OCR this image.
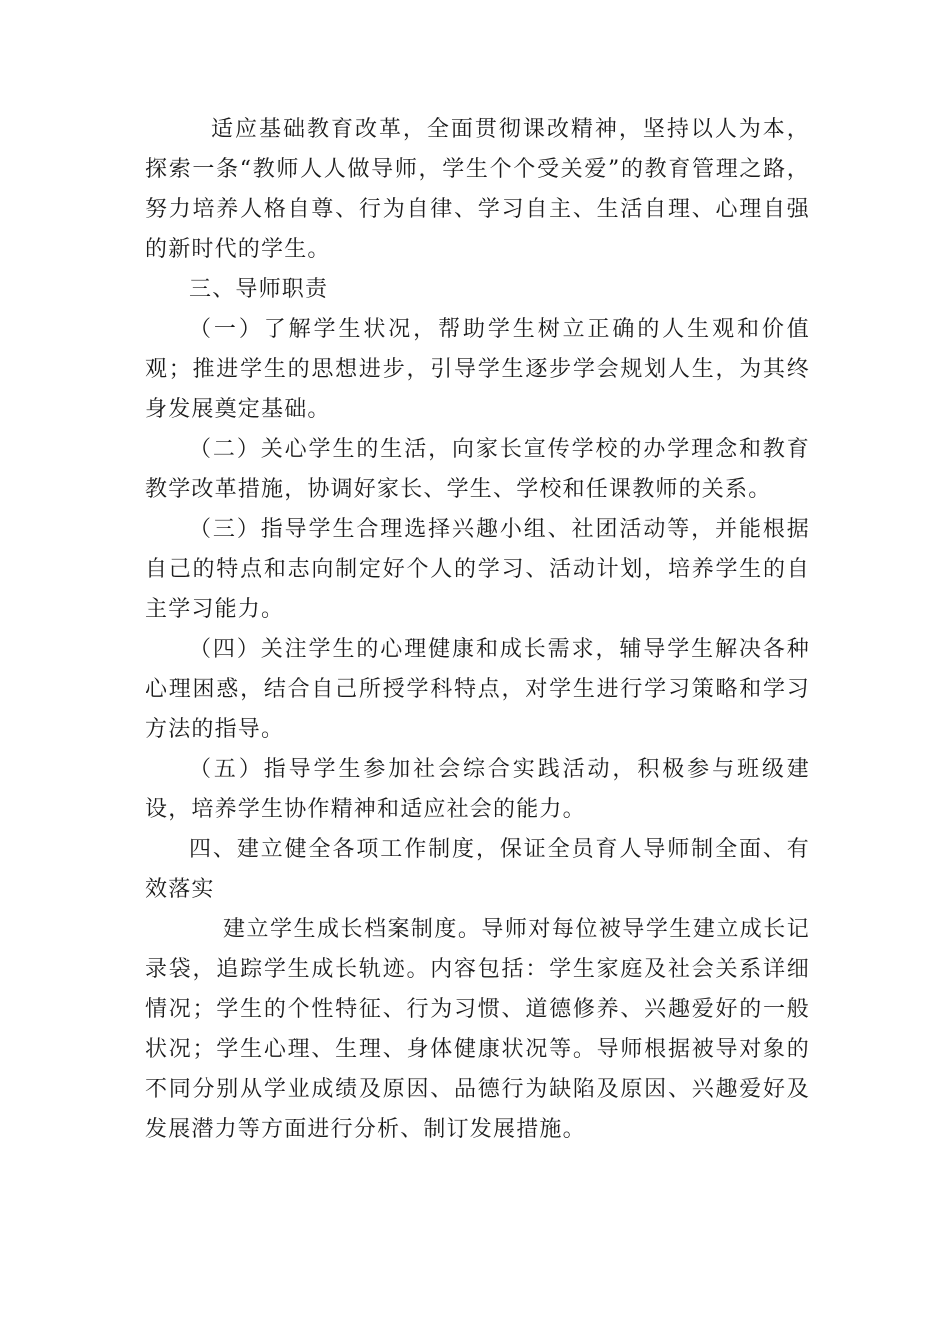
适应基础教育改革，全面贯彻课改精神，坚持以人为本，探索一条“教师人人做导师，学生个个受关爱”的教育管理之路，努力培养人格自尊、行为自律、学习自主、生活自理、心理自强的新时代的学生。

三、导师职责

（一）了解学生状况，帮助学生树立正确的人生观和价值观；推进学生的思想进步，引导学生逐步学会规划人生，为其终身发展奠定基础。

（二）关心学生的生活，向家长宣传学校的办学理念和教育教学改革措施，协调好家长、学生、学校和任课教师的关系。

（三）指导学生合理选择兴趣小组、社团活动等，并能根据自己的特点和志向制定好个人的学习、活动计划，培养学生的自主学习能力。

（四）关注学生的心理健康和成长需求，辅导学生解决各种心理困惑，结合自己所授学科特点，对学生进行学习策略和学习方法的指导。

（五）指导学生参加社会综合实践活动，积极参与班级建设，培养学生协作精神和适应社会的能力。

四、建立健全各项工作制度，保证全员育人导师制全面、有效落实

建立学生成长档案制度。导师对每位被导学生建立成长记录袋，追踪学生成长轨迹。内容包括：学生家庭及社会关系详细情况；学生的个性特征、行为习惯、道德修养、兴趣爱好的一般状况；学生心理、生理、身体健康状况等。导师根据被导对象的不同分别从学业成绩及原因、品德行为缺陷及原因、兴趣爱好及发展潜力等方面进行分析、制订发展措施。
